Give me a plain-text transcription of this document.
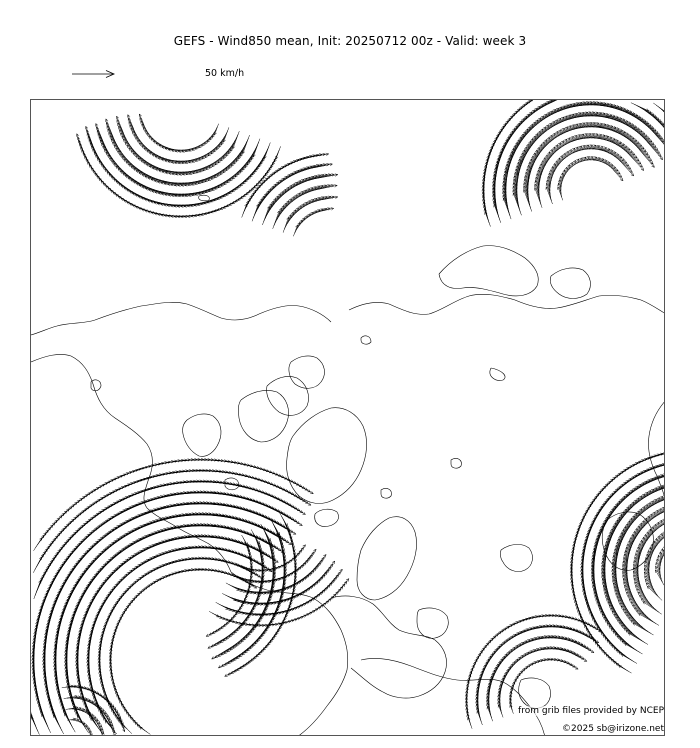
GEFS - Wind850 mean, Init: 20250712 00z - Valid: week 3
50 km/h
from grib files provided by NCEP
©2025 sb@irizone.net
